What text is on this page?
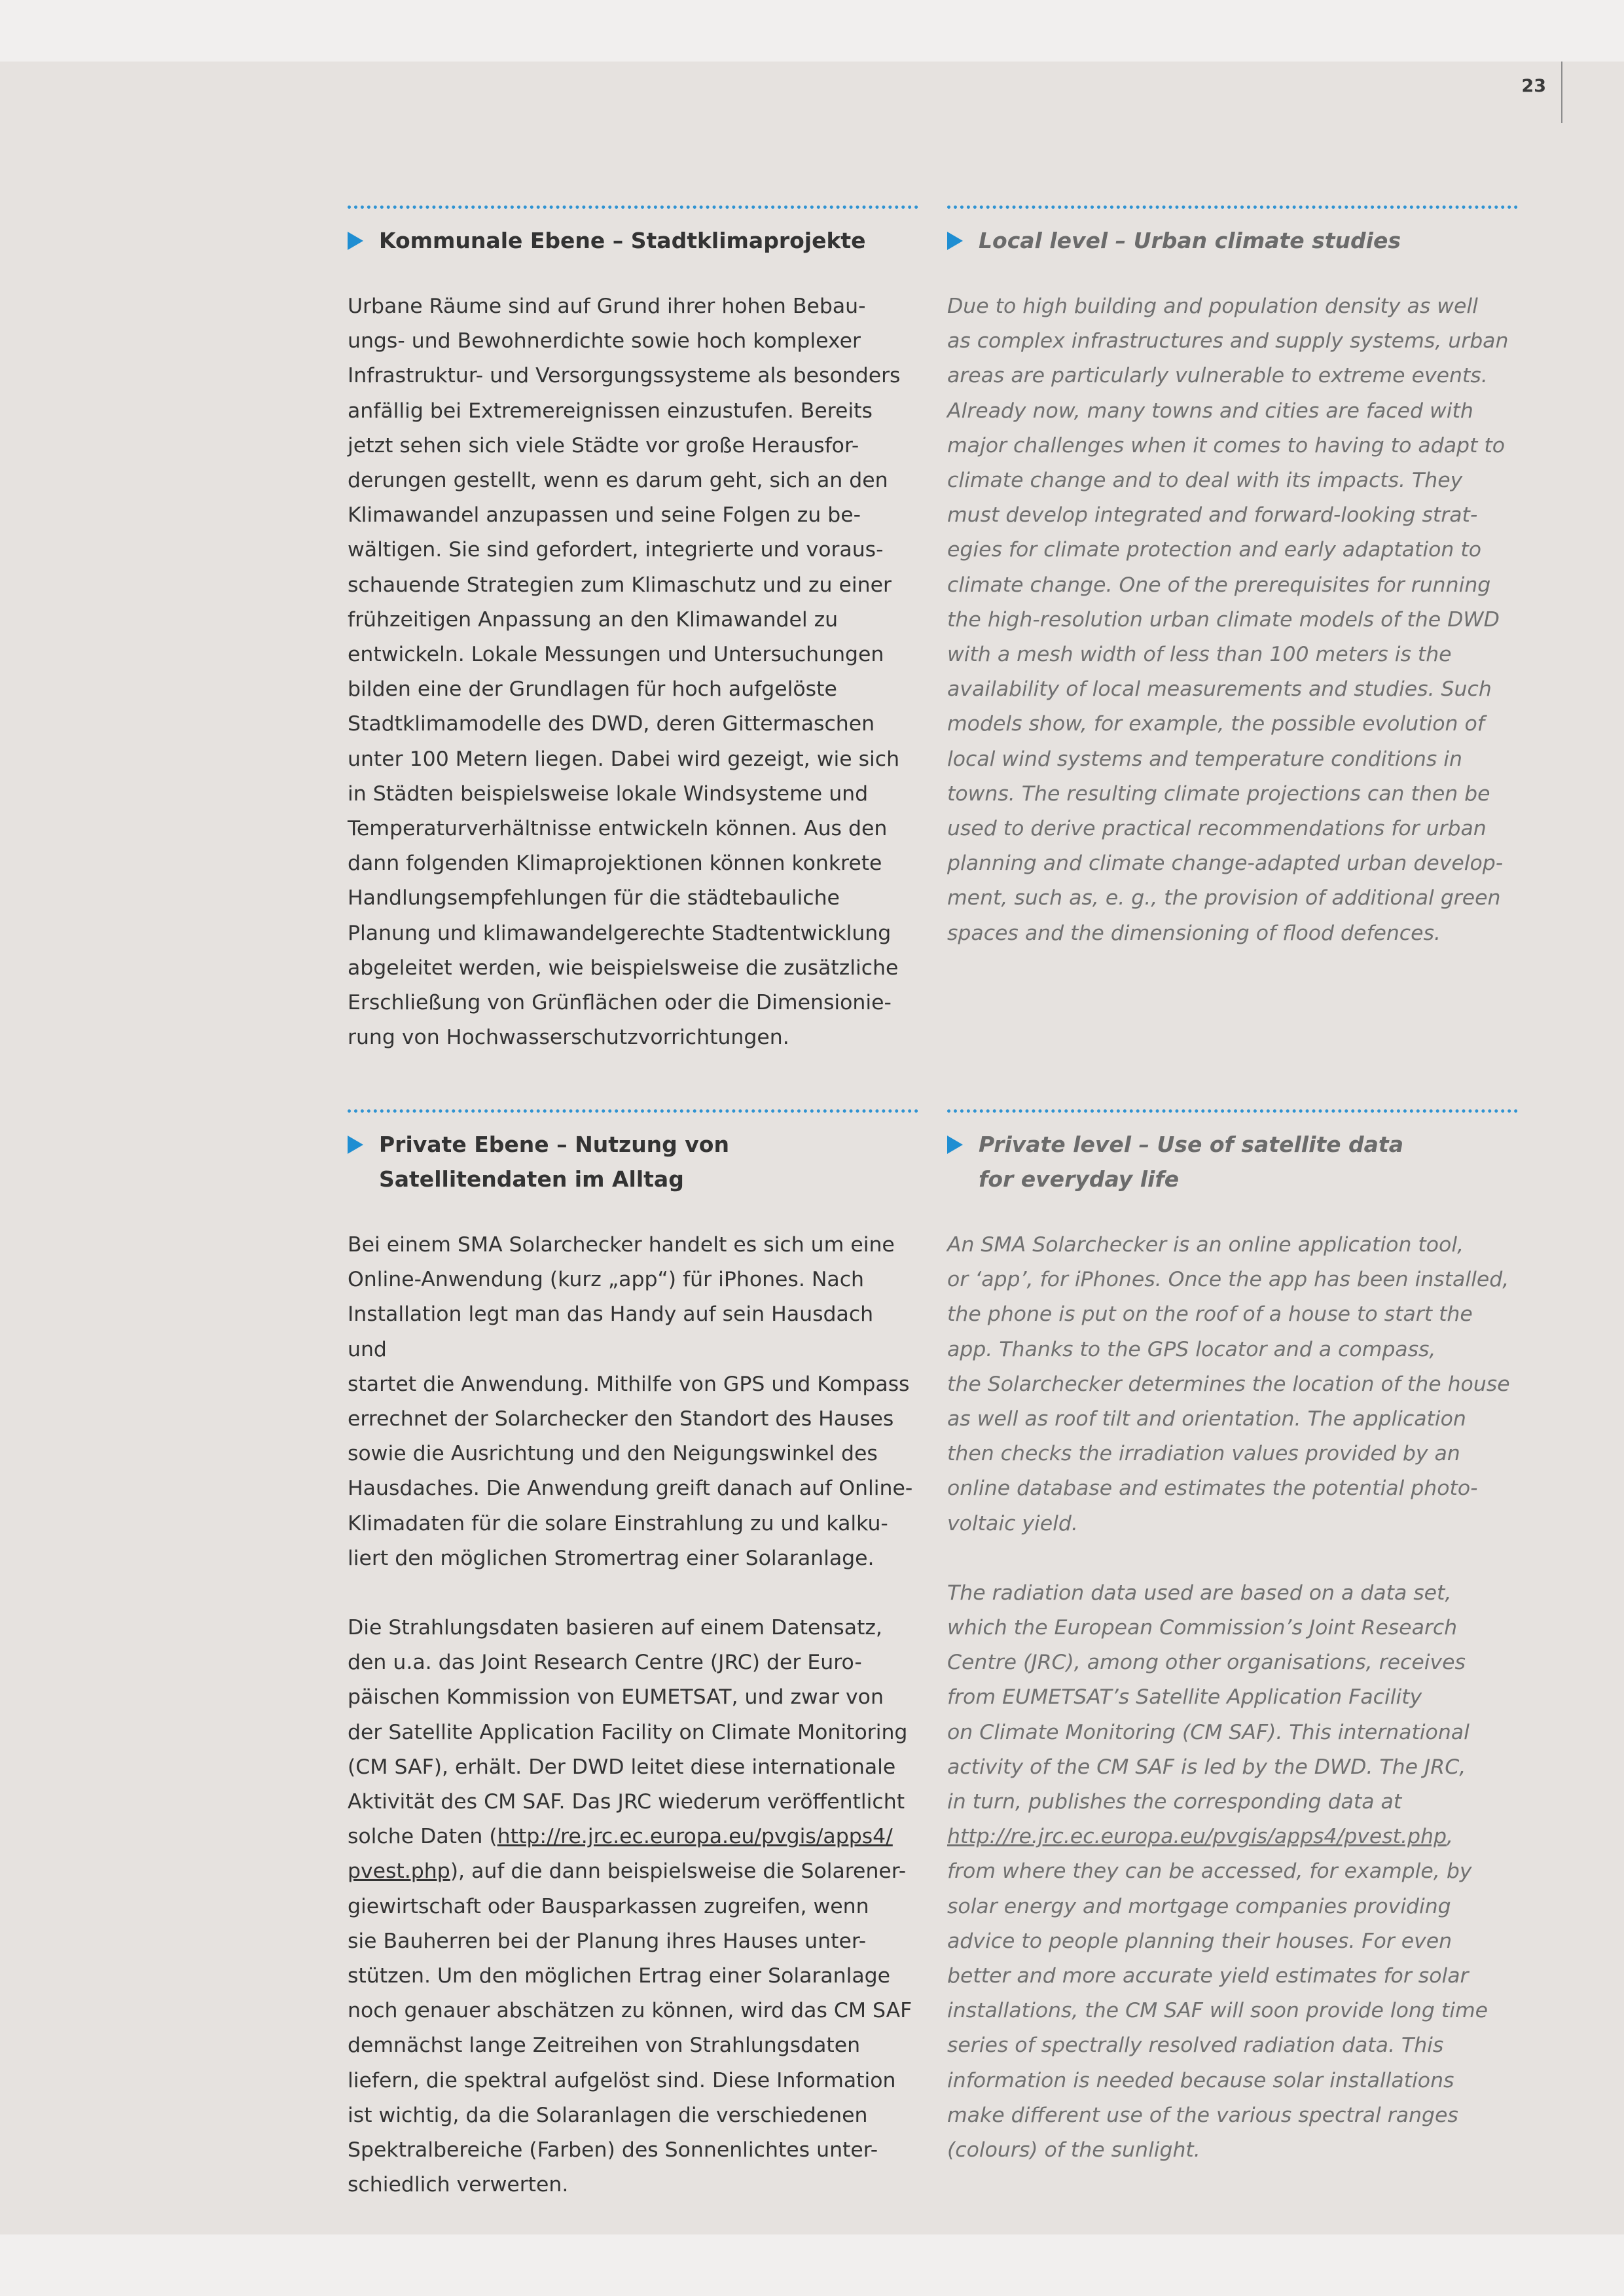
23
Kommunale Ebene – Stadtklimaprojekte

Urbane Räume sind auf Grund ihrer hohen Bebau-
ungs- und Bewohnerdichte sowie hoch komplexer
Infrastruktur- und Versorgungssysteme als besonders
anfällig bei Extremereignissen einzustufen. Bereits
jetzt sehen sich viele Städte vor große Herausfor-
derungen gestellt, wenn es darum geht, sich an den
Klimawandel anzupassen und seine Folgen zu be-
wältigen. Sie sind gefordert, integrierte und voraus-
schauende Strategien zum Klimaschutz und zu einer
frühzeitigen Anpassung an den Klimawandel zu
entwickeln. Lokale Messungen und Untersuchungen
bilden eine der Grundlagen für hoch aufgelöste
Stadtklimamodelle des DWD, deren Gittermaschen
unter 100 Metern liegen. Dabei wird gezeigt, wie sich
in Städten beispielsweise lokale Windsysteme und
Temperaturverhältnisse entwickeln können. Aus den
dann folgenden Klimaprojektionen können konkrete
Handlungsempfehlungen für die städtebauliche
Planung und klimawandelgerechte Stadtentwicklung
abgeleitet werden, wie beispielsweise die zusätzliche
Erschließung von Grünflächen oder die Dimensionie-
rung von Hochwasserschutzvorrichtungen.

Local level – Urban climate studies

Due to high building and population density as well
as complex infrastructures and supply systems, urban
areas are particularly vulnerable to extreme events.
Already now, many towns and cities are faced with
major challenges when it comes to having to adapt to
climate change and to deal with its impacts. They
must develop integrated and forward-looking strat-
egies for climate protection and early adaptation to
climate change. One of the prerequisites for running
the high-resolution urban climate models of the DWD
with a mesh width of less than 100 meters is the
availability of local measurements and studies. Such
models show, for example, the possible evolution of
local wind systems and temperature conditions in
towns. The resulting climate projections can then be
used to derive practical recommendations for urban
planning and climate change-adapted urban develop-
ment, such as, e. g., the provision of additional green
spaces and the dimensioning of flood defences.

Private Ebene – Nutzung von
Satellitendaten im Alltag

Bei einem SMA Solarchecker handelt es sich um eine
Online-Anwendung (kurz „app“) für iPhones. Nach
Installation legt man das Handy auf sein Hausdach und
startet die Anwendung. Mithilfe von GPS und Kompass
errechnet der Solarchecker den Standort des Hauses
sowie die Ausrichtung und den Neigungswinkel des
Hausdaches. Die Anwendung greift danach auf Online-
Klimadaten für die solare Einstrahlung zu und kalku-
liert den möglichen Stromertrag einer Solaranlage.

Die Strahlungsdaten basieren auf einem Datensatz,
den u.a. das Joint Research Centre (JRC) der Euro-
päischen Kommission von EUMETSAT, und zwar von
der Satellite Application Facility on Climate Monitoring
(CM SAF), erhält. Der DWD leitet diese internationale
Aktivität des CM SAF. Das JRC wiederum veröffentlicht
solche Daten (http://re.jrc.ec.europa.eu/pvgis/apps4/
pvest.php), auf die dann beispielsweise die Solarener-
giewirtschaft oder Bausparkassen zugreifen, wenn
sie Bauherren bei der Planung ihres Hauses unter-
stützen. Um den möglichen Ertrag einer Solaranlage
noch genauer abschätzen zu können, wird das CM SAF
demnächst lange Zeitreihen von Strahlungsdaten
liefern, die spektral aufgelöst sind. Diese Information
ist wichtig, da die Solaranlagen die verschiedenen
Spektralbereiche (Farben) des Sonnenlichtes unter-
schiedlich verwerten.

Private level – Use of satellite data
for everyday life

An SMA Solarchecker is an online application tool,
or ‘app’, for iPhones. Once the app has been installed,
the phone is put on the roof of a house to start the
app. Thanks to the GPS locator and a compass,
the Solarchecker determines the location of the house
as well as roof tilt and orientation. The application
then checks the irradiation values provided by an
online database and estimates the potential photo-
voltaic yield.

The radiation data used are based on a data set,
which the European Commission’s Joint Research
Centre (JRC), among other organisations, receives
from EUMETSAT’s Satellite Application Facility
on Climate Monitoring (CM SAF). This international
activity of the CM SAF is led by the DWD. The JRC,
in turn, publishes the corresponding data at
http://re.jrc.ec.europa.eu/pvgis/apps4/pvest.php,
from where they can be accessed, for example, by
solar energy and mortgage companies providing
advice to people planning their houses. For even
better and more accurate yield estimates for solar
installations, the CM SAF will soon provide long time
series of spectrally resolved radiation data. This
information is needed because solar installations
make different use of the various spectral ranges
(colours) of the sunlight.
